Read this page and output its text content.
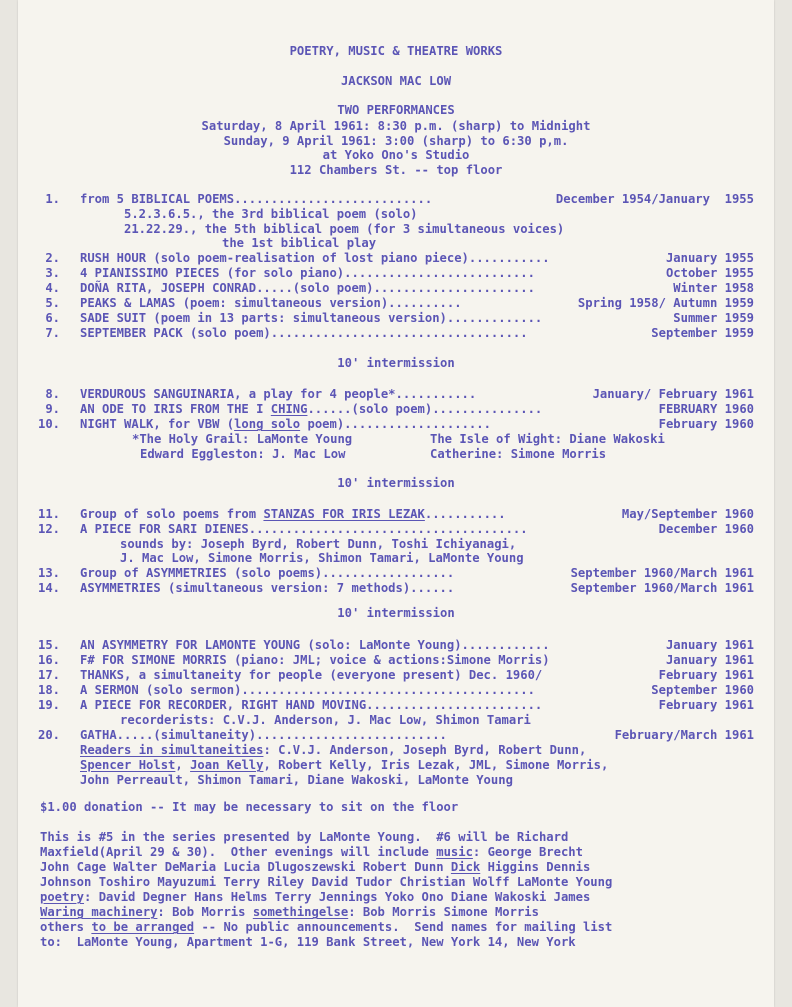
POETRY, MUSIC & THEATRE WORKS
JACKSON MAC LOW
TWO PERFORMANCES
Saturday, 8 April 1961: 8:30 p.m. (sharp) to Midnight
Sunday, 9 April 1961: 3:00 (sharp) to 6:30 p,m.
at Yoko Ono's Studio
112 Chambers St. -- top floor
1. from 5 BIBLICAL POEMS...........................	December 1954/January  1955
5.2.3.6.5., the 3rd biblical poem (solo)
21.22.29., the 5th biblical poem (for 3 simultaneous voices)
the 1st biblical play
2. RUSH HOUR (solo poem-realisation of lost piano piece)...........	January 1955
3. 4 PIANISSIMO PIECES (for solo piano)..........................	October 1955
4. DOÑA RITA, JOSEPH CONRAD.....(solo poem)......................	Winter 1958
5. PEAKS & LAMAS (poem: simultaneous version)..........	Spring 1958/ Autumn 1959
6. SADE SUIT (poem in 13 parts: simultaneous version).............	Summer 1959
7. SEPTEMBER PACK (solo poem)...................................	September 1959
10' intermission
8. VERDUROUS SANGUINARIA, a play for 4 people*...........	January/ February 1961
9. AN ODE TO IRIS FROM THE I CHING......(solo poem)...............	FEBRUARY 1960
10. NIGHT WALK, for VBW (long solo poem)....................	February 1960
*The Holy Grail: LaMonte Young	The Isle of Wight: Diane Wakoski
Edward Eggleston: J. Mac Low	Catherine: Simone Morris
10' intermission
11. Group of solo poems from STANZAS FOR IRIS LEZAK...........	May/September 1960
12. A PIECE FOR SARI DIENES......................................	December 1960
sounds by: Joseph Byrd, Robert Dunn, Toshi Ichiyanagi,
J. Mac Low, Simone Morris, Shimon Tamari, LaMonte Young
13. Group of ASYMMETRIES (solo poems)..................	September 1960/March 1961
14. ASYMMETRIES (simultaneous version: 7 methods)......	September 1960/March 1961
10' intermission
15. AN ASYMMETRY FOR LAMONTE YOUNG (solo: LaMonte Young)............	January 1961
16. F# FOR SIMONE MORRIS (piano: JML; voice & actions:Simone Morris)	January 1961
17. THANKS, a simultaneity for people (everyone present) Dec. 1960/	February 1961
18. A SERMON (solo sermon)........................................	September 1960
19. A PIECE FOR RECORDER, RIGHT HAND MOVING........................	February 1961
recorderists: C.V.J. Anderson, J. Mac Low, Shimon Tamari
20. GATHA.....(simultaneity)..........................	February/March 1961
Readers in simultaneities: C.V.J. Anderson, Joseph Byrd, Robert Dunn,
Spencer Holst, Joan Kelly, Robert Kelly, Iris Lezak, JML, Simone Morris,
John Perreault, Shimon Tamari, Diane Wakoski, LaMonte Young
$1.00 donation -- It may be necessary to sit on the floor
This is #5 in the series presented by LaMonte Young.  #6 will be Richard
Maxfield(April 29 & 30).  Other evenings will include music: George Brecht
John Cage Walter DeMaria Lucia Dlugoszewski Robert Dunn Dick Higgins Dennis
Johnson Toshiro Mayuzumi Terry Riley David Tudor Christian Wolff LaMonte Young
poetry: David Degner Hans Helms Terry Jennings Yoko Ono Diane Wakoski James
Waring machinery: Bob Morris somethingelse: Bob Morris Simone Morris
others to be arranged -- No public announcements.  Send names for mailing list
to:  LaMonte Young, Apartment 1-G, 119 Bank Street, New York 14, New York
